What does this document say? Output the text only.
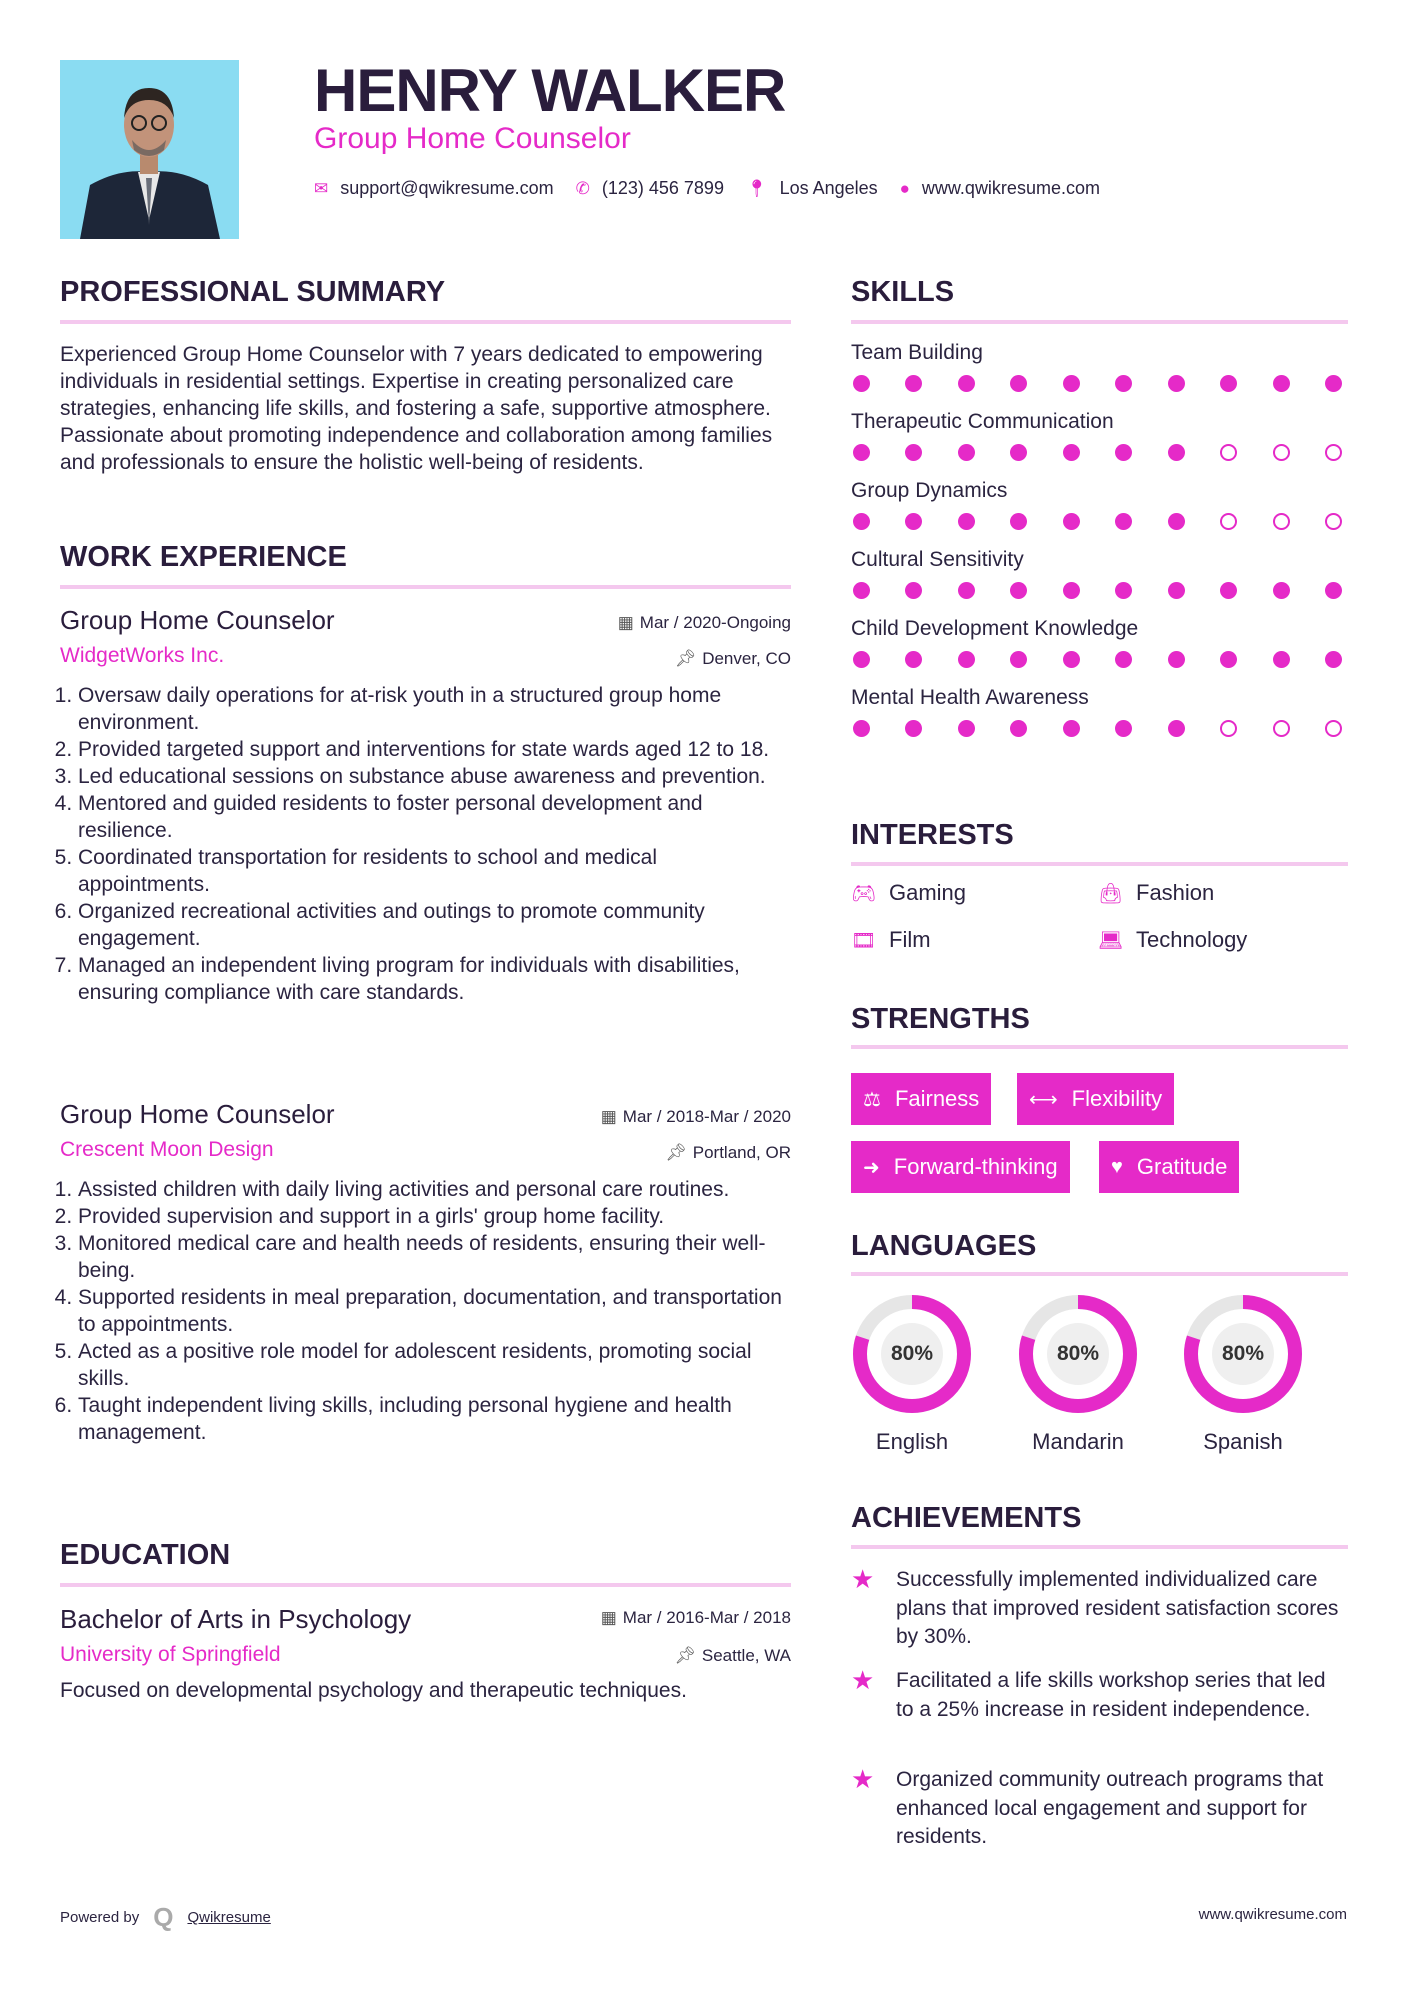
HENRY WALKER
Group Home Counselor
✉ support@qwikresume.com ✆ (123) 456 7899 📍︎ Los Angeles ● www.qwikresume.com
PROFESSIONAL SUMMARY
Experienced Group Home Counselor with 7 years dedicated to empowering individuals in residential settings. Expertise in creating personalized care strategies, enhancing life skills, and fostering a safe, supportive atmosphere. Passionate about promoting independence and collaboration among families and professionals to ensure the holistic well-being of residents.
WORK EXPERIENCE
Group Home Counselor	▦ Mar / 2020-Ongoing
WidgetWorks Inc.	📌︎ Denver, CO
1. Oversaw daily operations for at-risk youth in a structured group home environment.
2. Provided targeted support and interventions for state wards aged 12 to 18.
3. Led educational sessions on substance abuse awareness and prevention.
4. Mentored and guided residents to foster personal development and resilience.
5. Coordinated transportation for residents to school and medical appointments.
6. Organized recreational activities and outings to promote community engagement.
7. Managed an independent living program for individuals with disabilities, ensuring compliance with care standards.
Group Home Counselor	▦ Mar / 2018-Mar / 2020
Crescent Moon Design	📌︎ Portland, OR
1. Assisted children with daily living activities and personal care routines.
2. Provided supervision and support in a girls' group home facility.
3. Monitored medical care and health needs of residents, ensuring their well-being.
4. Supported residents in meal preparation, documentation, and transportation to appointments.
5. Acted as a positive role model for adolescent residents, promoting social skills.
6. Taught independent living skills, including personal hygiene and health management.
EDUCATION
Bachelor of Arts in Psychology	▦ Mar / 2016-Mar / 2018
University of Springfield	📌︎ Seattle, WA
Focused on developmental psychology and therapeutic techniques.
SKILLS
Team Building
Therapeutic Communication
Group Dynamics
Cultural Sensitivity
Child Development Knowledge
Mental Health Awareness
INTERESTS
🎮︎ Gaming	👜︎ Fashion
🎞︎ Film	💻︎ Technology
STRENGTHS
⚖ Fairness ⟷ Flexibility
➜ Forward-thinking	♥ Gratitude
LANGUAGES
80%
English
80%
Mandarin
80%
Spanish
ACHIEVEMENTS
★	Successfully implemented individualized care plans that improved resident satisfaction scores by 30%.
★	Facilitated a life skills workshop series that led to a 25% increase in resident independence.
★	Organized community outreach programs that enhanced local engagement and support for residents.
Powered by Q Qwikresume	www.qwikresume.com
